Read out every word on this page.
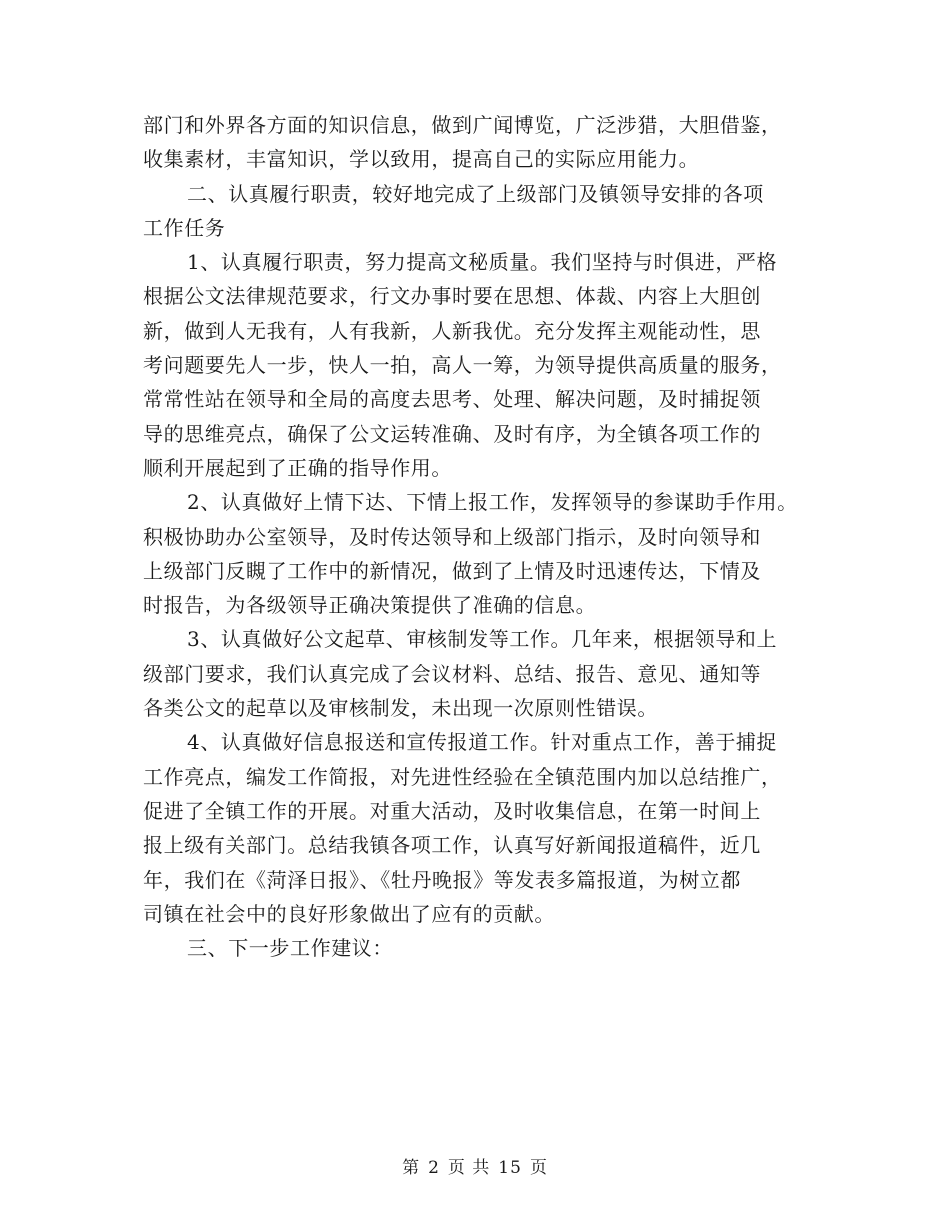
部门和外界各方面的知识信息，做到广闻博览，广泛涉猎，大胆借鉴，
收集素材，丰富知识，学以致用，提高自己的实际应用能力。
二、认真履行职责，较好地完成了上级部门及镇领导安排的各项
工作任务
1、认真履行职责，努力提高文秘质量。我们坚持与时俱进，严格
根据公文法律规范要求，行文办事时要在思想、体裁、内容上大胆创
新，做到人无我有，人有我新，人新我优。充分发挥主观能动性，思
考问题要先人一步，快人一拍，高人一筹，为领导提供高质量的服务，
常常性站在领导和全局的高度去思考、处理、解决问题，及时捕捉领
导的思维亮点，确保了公文运转准确、及时有序，为全镇各项工作的
顺利开展起到了正确的指导作用。
2、认真做好上情下达、下情上报工作，发挥领导的参谋助手作用。
积极协助办公室领导，及时传达领导和上级部门指示，及时向领导和
上级部门反瞡了工作中的新情况，做到了上情及时迅速传达，下情及
时报告，为各级领导正确决策提供了准确的信息。
3、认真做好公文起草、审核制发等工作。几年来，根据领导和上
级部门要求，我们认真完成了会议材料、总结、报告、意见、通知等
各类公文的起草以及审核制发，未出现一次原则性错误。
4、认真做好信息报送和宣传报道工作。针对重点工作，善于捕捉
工作亮点，编发工作简报，对先进性经验在全镇范围内加以总结推广，
促进了全镇工作的开展。对重大活动，及时收集信息，在第一时间上
报上级有关部门。总结我镇各项工作，认真写好新闻报道稿件，近几
年，我们在《菏泽日报》、《牡丹晚报》等发表多篇报道，为树立都
司镇在社会中的良好形象做出了应有的贡献。
三、下一步工作建议：
第 2 页 共 15 页
